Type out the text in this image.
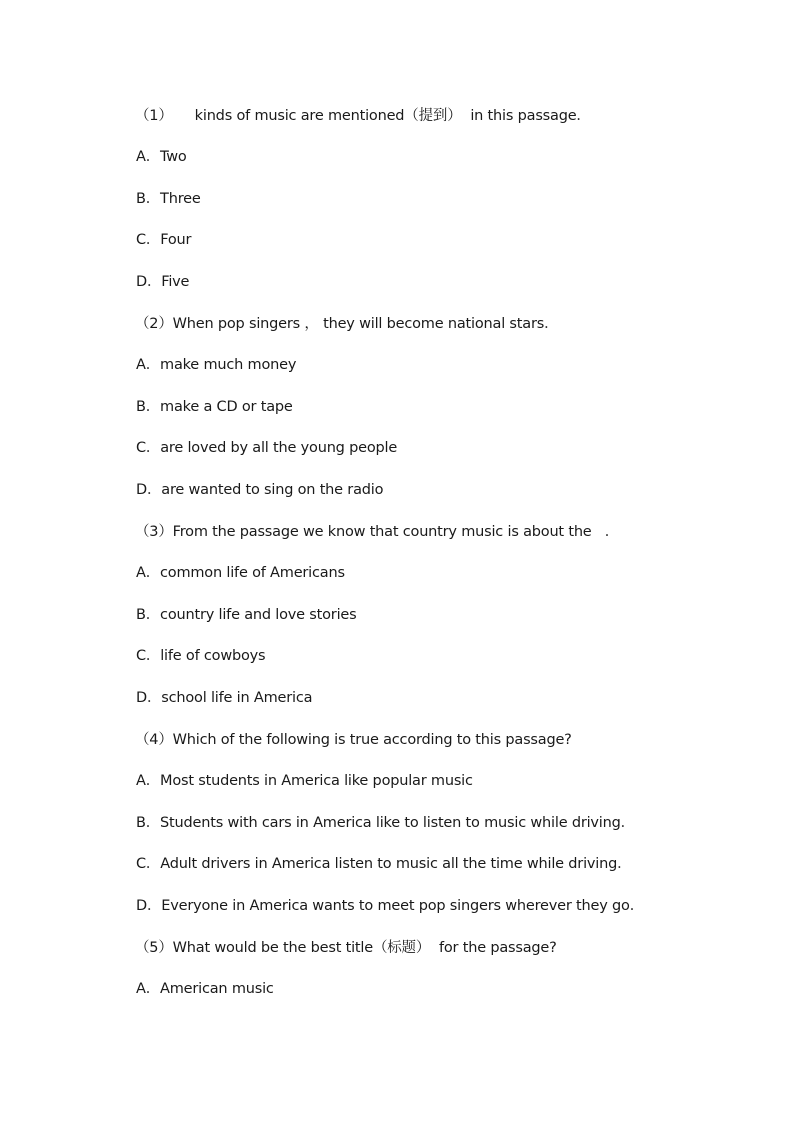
（1）     kinds of music are mentioned（提到）  in this passage．
A．Two
B．Three
C．Four
D．Five
（2）When pop singers ， they will become national stars．
A．make much money
B．make a CD or tape
C．are loved by all the young people
D．are wanted to sing on the radio
（3）From the passage we know that country music is about the   ．
A．common life of Americans
B．country life and love stories
C．life of cowboys
D．school life in America
（4）Which of the following is true according to this passage?
A．Most students in America like popular music
B．Students with cars in America like to listen to music while driving．
C．Adult drivers in America listen to music all the time while driving．
D．Everyone in America wants to meet pop singers wherever they go．
（5）What would be the best title（标题）  for the passage?
A．American music
